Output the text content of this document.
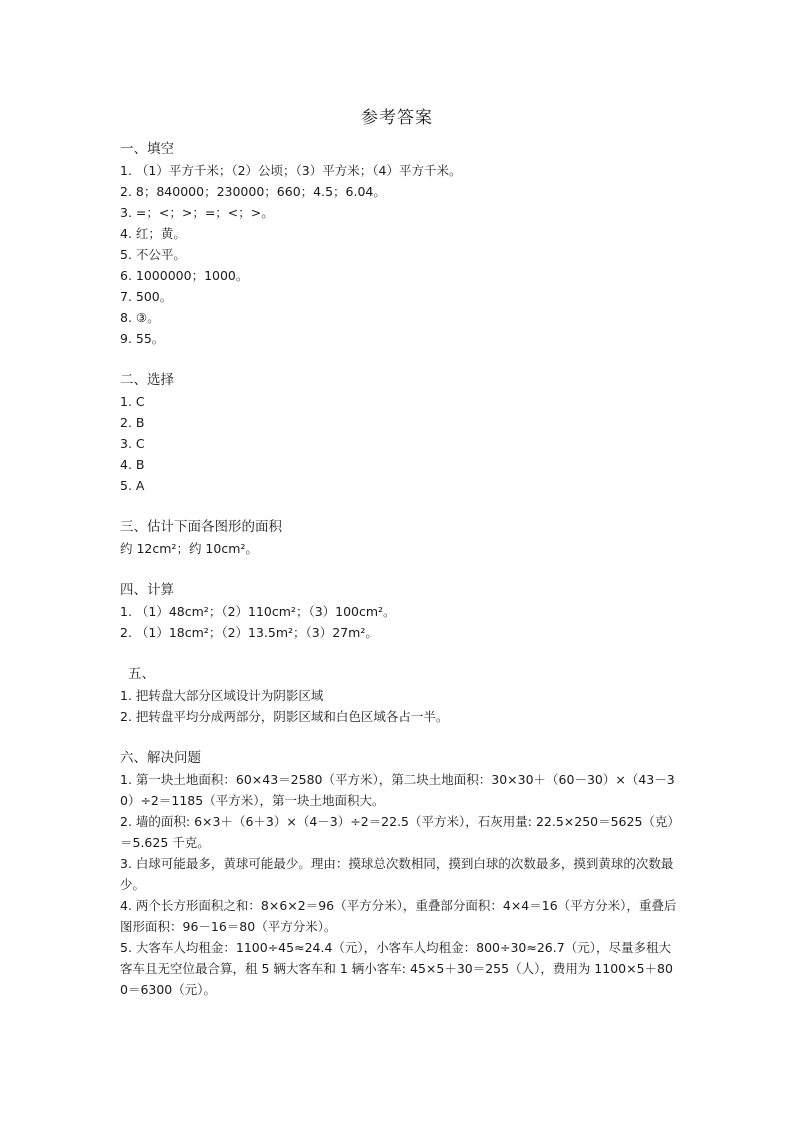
参考答案
一、填空
1. （1）平方千米；（2）公顷；（3）平方米；（4）平方千米。
2. 8；840000；230000；660；4.5；6.04。
3. =；<；>；=；<；>。
4. 红；黄。
5. 不公平。
6. 1000000；1000。
7. 500。
8. ③。
9. 55。
二、选择
1. C
2. B
3. C
4. B
5. A
三、估计下面各图形的面积
约 12cm²；约 10cm²。
四、计算
1. （1）48cm²；（2）110cm²；（3）100cm²。
2. （1）18cm²；（2）13.5m²；（3）27m²。
五、
1. 把转盘大部分区域设计为阴影区域
2. 把转盘平均分成两部分，阴影区域和白色区域各占一半。
六、解决问题
1. 第一块土地面积：60×43＝2580（平方米），第二块土地面积：30×30＋（60－30）×（43－30）÷2＝1185（平方米），第一块土地面积大。
2. 墙的面积: 6×3＋（6＋3）×（4－3）÷2＝22.5（平方米），石灰用量: 22.5×250＝5625（克）＝5.625 千克。
3. 白球可能最多，黄球可能最少。理由：摸球总次数相同，摸到白球的次数最多，摸到黄球的次数最少。
4. 两个长方形面积之和：8×6×2＝96（平方分米），重叠部分面积：4×4＝16（平方分米），重叠后图形面积：96－16＝80（平方分米）。
5. 大客车人均租金：1100÷45≈24.4（元），小客车人均租金：800÷30≈26.7（元），尽量多租大客车且无空位最合算，租 5 辆大客车和 1 辆小客车: 45×5＋30＝255（人），费用为 1100×5＋800＝6300（元）。
